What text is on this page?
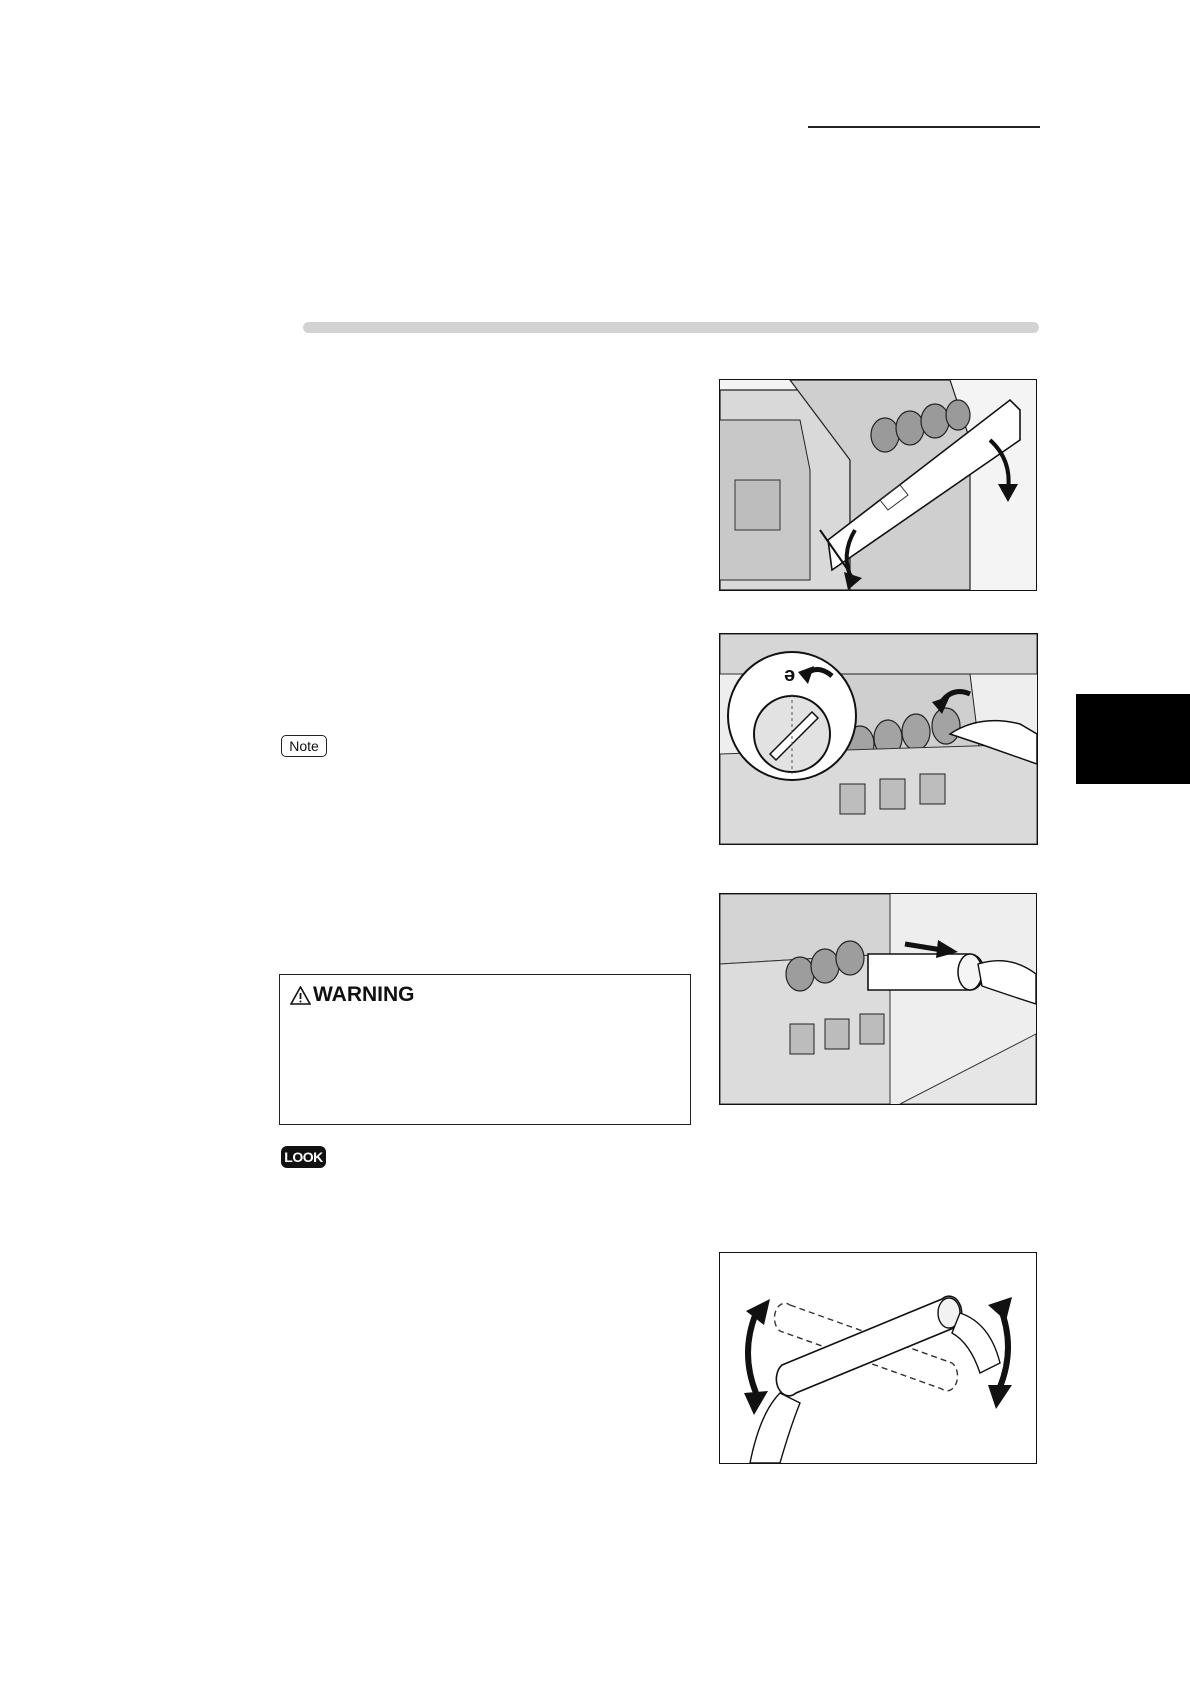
ə
Note
WARNING
LOOK
